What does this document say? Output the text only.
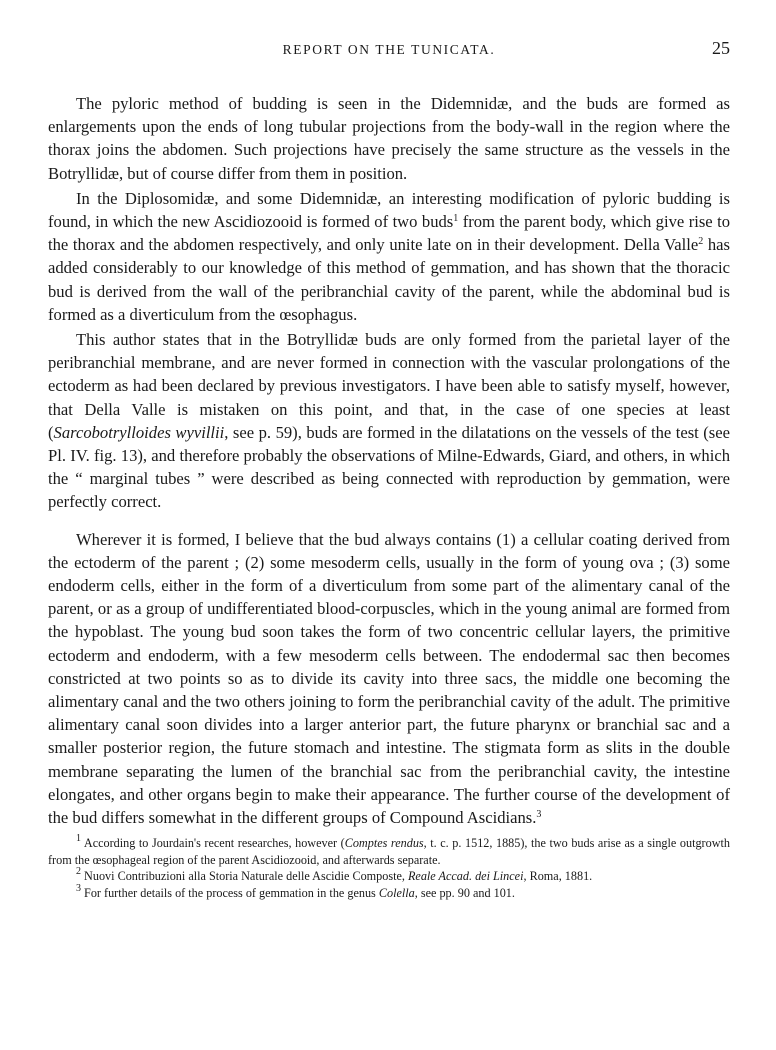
REPORT ON THE TUNICATA.	25

The pyloric method of budding is seen in the Didemnidæ, and the buds are formed as enlargements upon the ends of long tubular projections from the body-wall in the region where the thorax joins the abdomen. Such projections have precisely the same structure as the vessels in the Botryllidæ, but of course differ from them in position.

In the Diplosomidæ, and some Didemnidæ, an interesting modification of pyloric budding is found, in which the new Ascidiozooid is formed of two buds$^1$ from the parent body, which give rise to the thorax and the abdomen respectively, and only unite late on in their development. Della Valle$^2$ has added considerably to our knowledge of this method of gemmation, and has shown that the thoracic bud is derived from the wall of the peribranchial cavity of the parent, while the abdominal bud is formed as a diverticulum from the œsophagus.

This author states that in the Botryllidæ buds are only formed from the parietal layer of the peribranchial membrane, and are never formed in connection with the vascular prolongations of the ectoderm as had been declared by previous investigators. I have been able to satisfy myself, however, that Della Valle is mistaken on this point, and that, in the case of one species at least (Sarcobotrylloides wyvillii, see p. 59), buds are formed in the dilatations on the vessels of the test (see Pl. IV. fig. 13), and therefore probably the observations of Milne-Edwards, Giard, and others, in which the “ marginal tubes ” were described as being connected with reproduction by gemmation, were perfectly correct.

Wherever it is formed, I believe that the bud always contains (1) a cellular coating derived from the ectoderm of the parent ; (2) some mesoderm cells, usually in the form of young ova ; (3) some endoderm cells, either in the form of a diverticulum from some part of the alimentary canal of the parent, or as a group of undifferentiated blood-corpuscles, which in the young animal are formed from the hypoblast. The young bud soon takes the form of two concentric cellular layers, the primitive ectoderm and endoderm, with a few mesoderm cells between. The endodermal sac then becomes constricted at two points so as to divide its cavity into three sacs, the middle one becoming the alimentary canal and the two others joining to form the peribranchial cavity of the adult. The primitive alimentary canal soon divides into a larger anterior part, the future pharynx or branchial sac and a smaller posterior region, the future stomach and intestine. The stigmata form as slits in the double membrane separating the lumen of the branchial sac from the peribranchial cavity, the intestine elongates, and other organs begin to make their appearance. The further course of the development of the bud differs somewhat in the different groups of Compound Ascidians.$^3$

$^1$ According to Jourdain's recent researches, however (Comptes rendus, t. c. p. 1512, 1885), the two buds arise as a single outgrowth from the œsophageal region of the parent Ascidiozooid, and afterwards separate.

$^2$ Nuovi Contribuzioni alla Storia Naturale delle Ascidie Composte, Reale Accad. dei Lincei, Roma, 1881.

$^3$ For further details of the process of gemmation in the genus Colella, see pp. 90 and 101.
